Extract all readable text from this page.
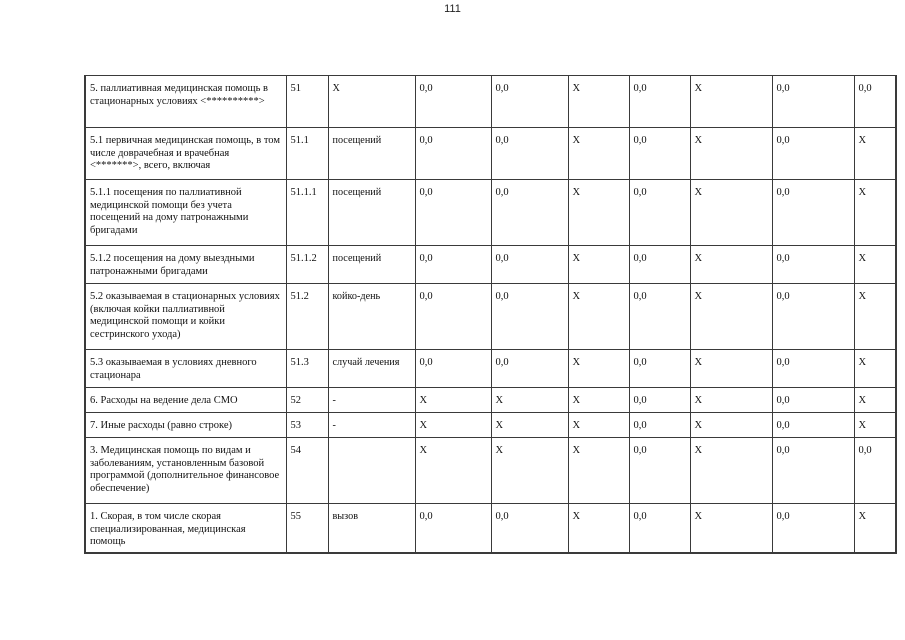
111
5. паллиативная медицинская помощь в стационарных условиях <**********>	51	X	0,0	0,0	X	0,0	X	0,0	0,0
5.1 первичная медицинская помощь, в том числе доврачебная и врачебная <*******>, всего, включая	51.1	посещений	0,0	0,0	X	0,0	X	0,0	X
5.1.1 посещения по паллиативной медицинской помощи без учета посещений на дому патронажными бригадами	51.1.1	посещений	0,0	0,0	X	0,0	X	0,0	X
5.1.2 посещения на дому выездными патронажными бригадами	51.1.2	посещений	0,0	0,0	X	0,0	X	0,0	X
5.2 оказываемая в стационарных условиях (включая койки паллиативной медицинской помощи и койки сестринского ухода)	51.2	койко-день	0,0	0,0	X	0,0	X	0,0	X
5.3 оказываемая в условиях дневного стационара	51.3	случай лечения	0,0	0,0	X	0,0	X	0,0	X
6. Расходы на ведение дела СМО	52	-	X	X	X	0,0	X	0,0	X
7. Иные расходы (равно строке)	53	-	X	X	X	0,0	X	0,0	X
3. Медицинская помощь по видам и заболеваниям, установленным базовой программой (дополнительное финансовое обеспечение)	54		X	X	X	0,0	X	0,0	0,0
1. Скорая, в том числе скорая специализированная, медицинская помощь	55	вызов	0,0	0,0	X	0,0	X	0,0	X
